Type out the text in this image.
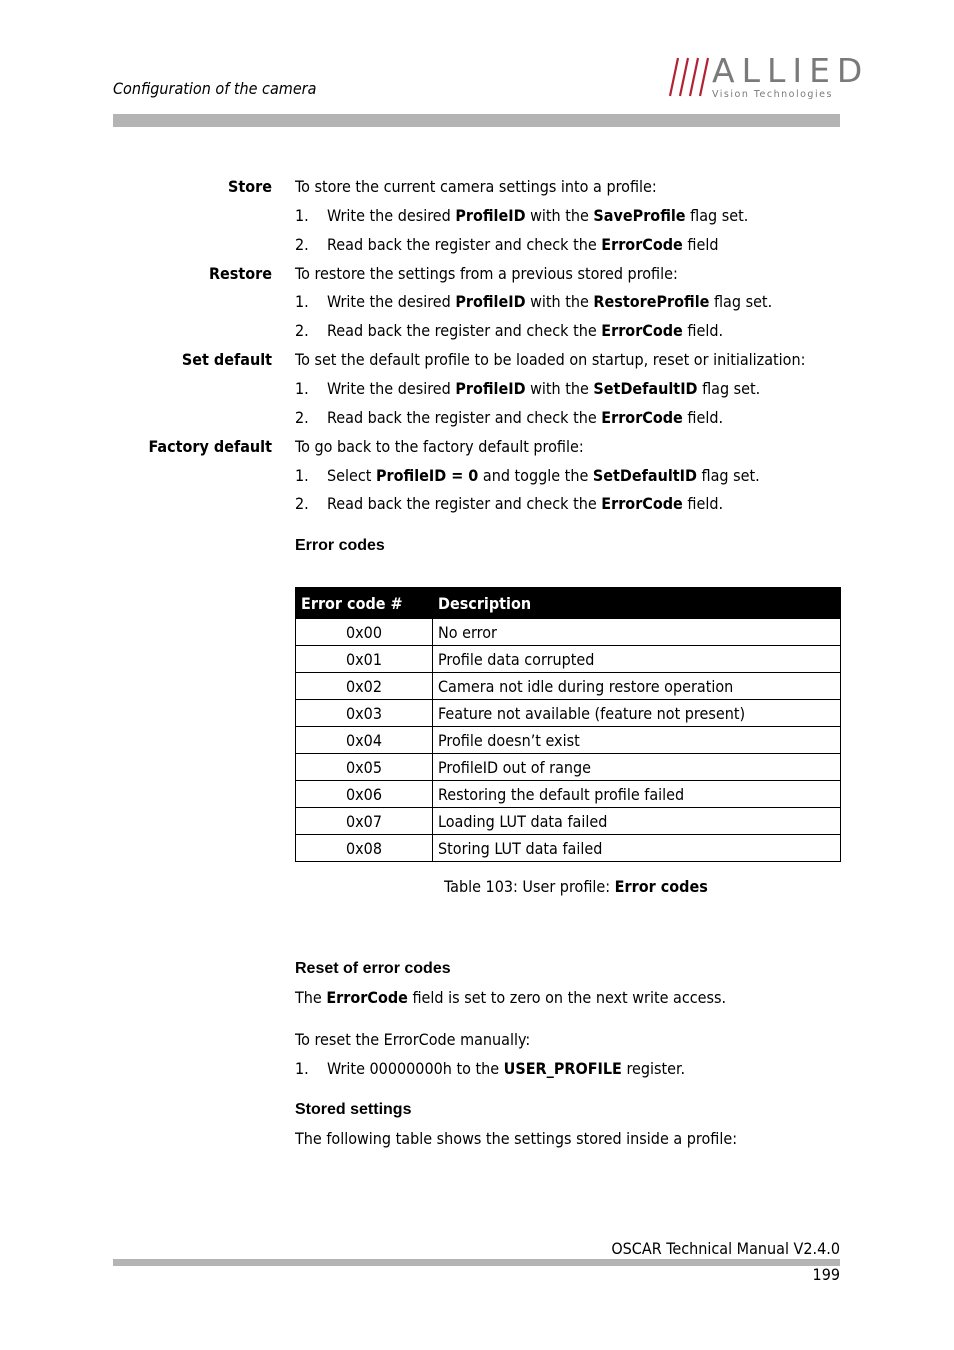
Configuration of the camera	ALLIED
Vision Technologies
Store To store the current camera settings into a profile:
1. Write the desired ProfileID with the SaveProfile flag set.
2. Read back the register and check the ErrorCode field
Restore To restore the settings from a previous stored profile:
1. Write the desired ProfileID with the RestoreProfile flag set.
2. Read back the register and check the ErrorCode field.
Set default To set the default profile to be loaded on startup, reset or initialization:
1. Write the desired ProfileID with the SetDefaultID flag set.
2. Read back the register and check the ErrorCode field.
Factory default To go back to the factory default profile:
1. Select ProfileID = 0 and toggle the SetDefaultID flag set.
2. Read back the register and check the ErrorCode field.
Error codes
Error code #	Description
0x00	No error
0x01	Profile data corrupted
0x02	Camera not idle during restore operation
0x03	Feature not available (feature not present)
0x04	Profile doesn’t exist
0x05	ProfileID out of range
0x06	Restoring the default profile failed
0x07	Loading LUT data failed
0x08	Storing LUT data failed
Table 103: User profile: Error codes
Reset of error codes
The ErrorCode field is set to zero on the next write access.
To reset the ErrorCode manually:
1. Write 00000000h to the USER_PROFILE register.
Stored settings
The following table shows the settings stored inside a profile:
OSCAR Technical Manual V2.4.0
199
